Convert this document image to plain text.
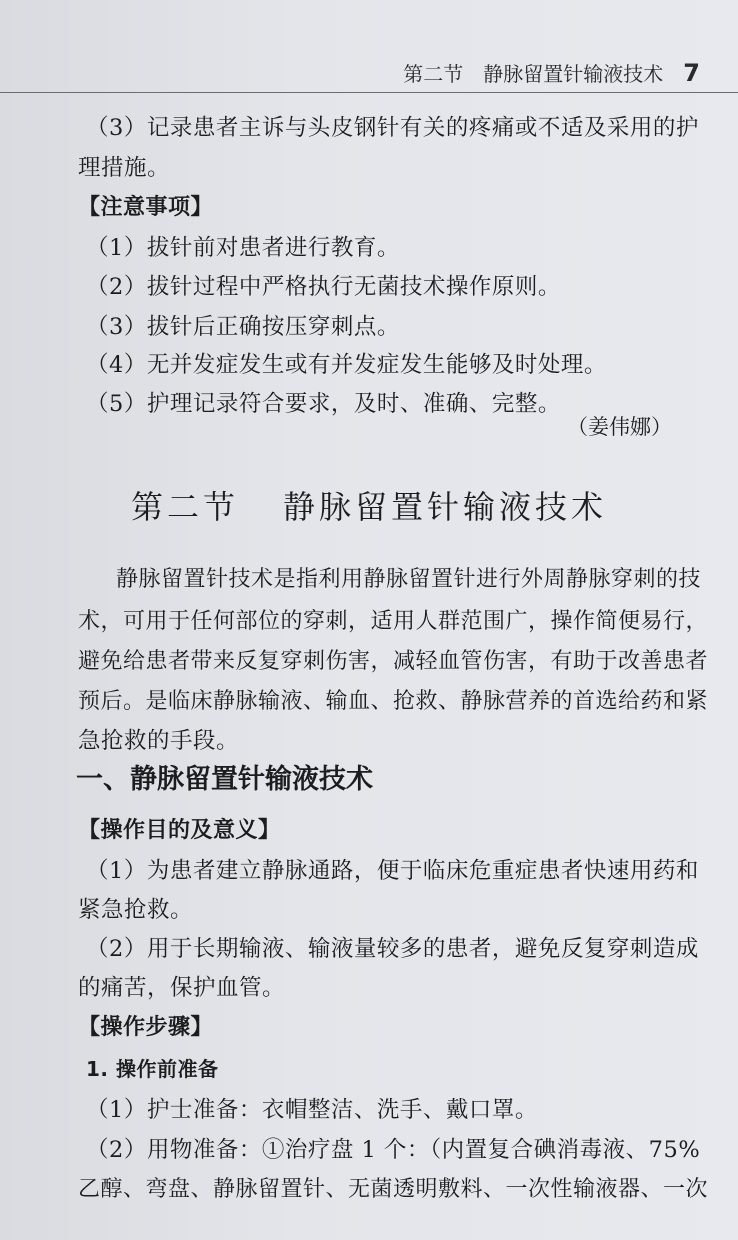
第二节　静脉留置针输液技术 7
（3）记录患者主诉与头皮钢针有关的疼痛或不适及采用的护
理措施。
【注意事项】
（1）拔针前对患者进行教育。
（2）拔针过程中严格执行无菌技术操作原则。
（3）拔针后正确按压穿刺点。
（4）无并发症发生或有并发症发生能够及时处理。
（5）护理记录符合要求，及时、准确、完整。
（姜伟娜）
第二节 静脉留置针输液技术
静脉留置针技术是指利用静脉留置针进行外周静脉穿刺的技
术，可用于任何部位的穿刺，适用人群范围广，操作简便易行，
避免给患者带来反复穿刺伤害，减轻血管伤害，有助于改善患者
预后。是临床静脉输液、输血、抢救、静脉营养的首选给药和紧
急抢救的手段。
一、静脉留置针输液技术
【操作目的及意义】
（1）为患者建立静脉通路，便于临床危重症患者快速用药和
紧急抢救。
（2）用于长期输液、输液量较多的患者，避免反复穿刺造成
的痛苦，保护血管。
【操作步骤】
1. 操作前准备
（1）护士准备：衣帽整洁、洗手、戴口罩。
（2）用物准备：①治疗盘 1 个：（内置复合碘消毒液、75%
乙醇、弯盘、静脉留置针、无菌透明敷料、一次性输液器、一次
